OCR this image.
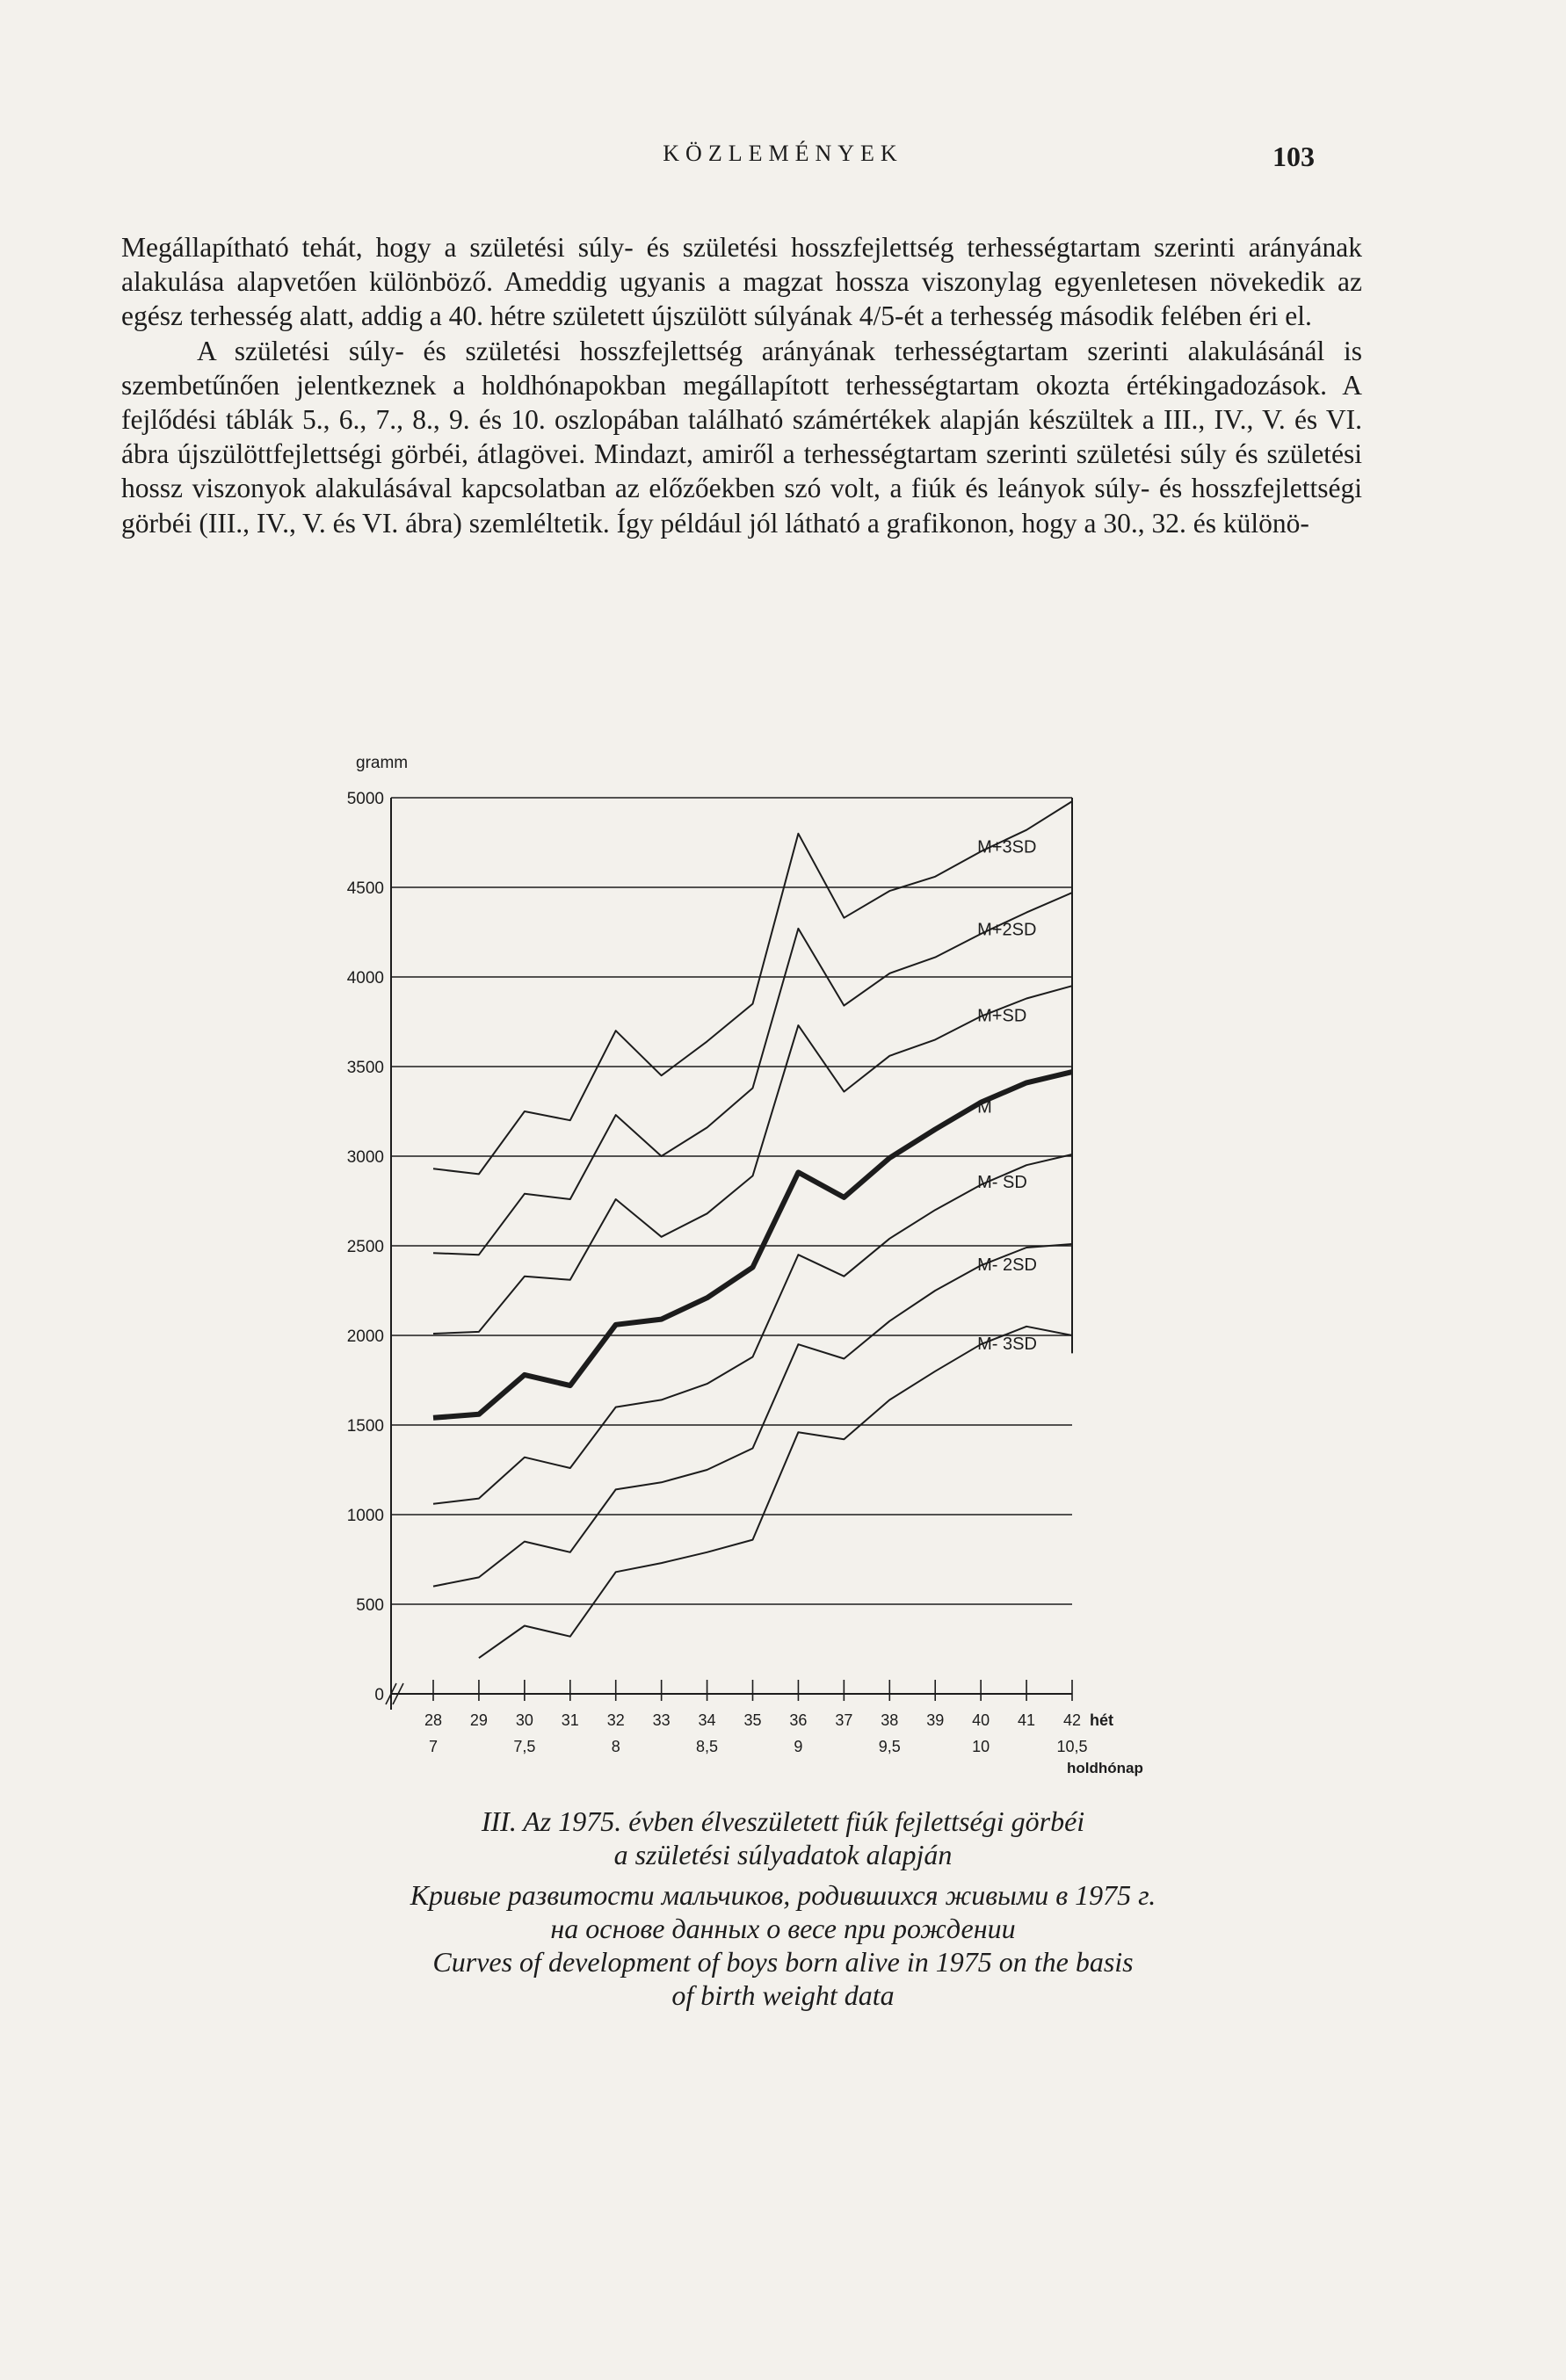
KÖZLEMÉNYEK	103

Megállapítható tehát, hogy a születési súly- és születési hosszfejlettség terhességtartam szerinti arányának alakulása alapvetően különböző. Ameddig ugyanis a magzat hossza viszonylag egyenletesen növekedik az egész terhesség alatt, addig a 40. hétre született újszülött súlyának 4/5-ét a terhesség második felében éri el.

A születési súly- és születési hosszfejlettség arányának terhességtartam szerinti alakulásánál is szembetűnően jelentkeznek a holdhónapokban megállapított terhességtartam okozta értékingadozások. A fejlődési táblák 5., 6., 7., 8., 9. és 10. oszlopában található számértékek alapján készültek a III., IV., V. és VI. ábra újszülöttfejlettségi görbéi, átlagövei. Mindazt, amiről a terhességtartam szerinti születési súly és születési hossz viszonyok alakulásával kapcsolatban az előzőekben szó volt, a fiúk és leányok súly- és hosszfejlettségi görbéi (III., IV., V. és VI. ábra) szemléltetik. Így például jól látható a grafikonon, hogy a 30., 32. és különö-

5000
4500
4000
3500
3000
2500
2000
1500
1000
500
0
gramm
28 29 30 31 32 33 34 35 36 37 38 39 40 41 42
7	7,5	8	8,5	9	9,5	10	10,5
hét
holdhónap
M+3SD
M+2SD
M+SD
M
M- SD
M- 2SD
M- 3SD
III. Az 1975. évben élveszületett fiúk fejlettségi görbéi
a születési súlyadatok alapján
Кривые развитости мальчиков, родившихся живыми в 1975 г.
на основе данных о весе при рождении
Curves of development of boys born alive in 1975 on the basis
of birth weight data
